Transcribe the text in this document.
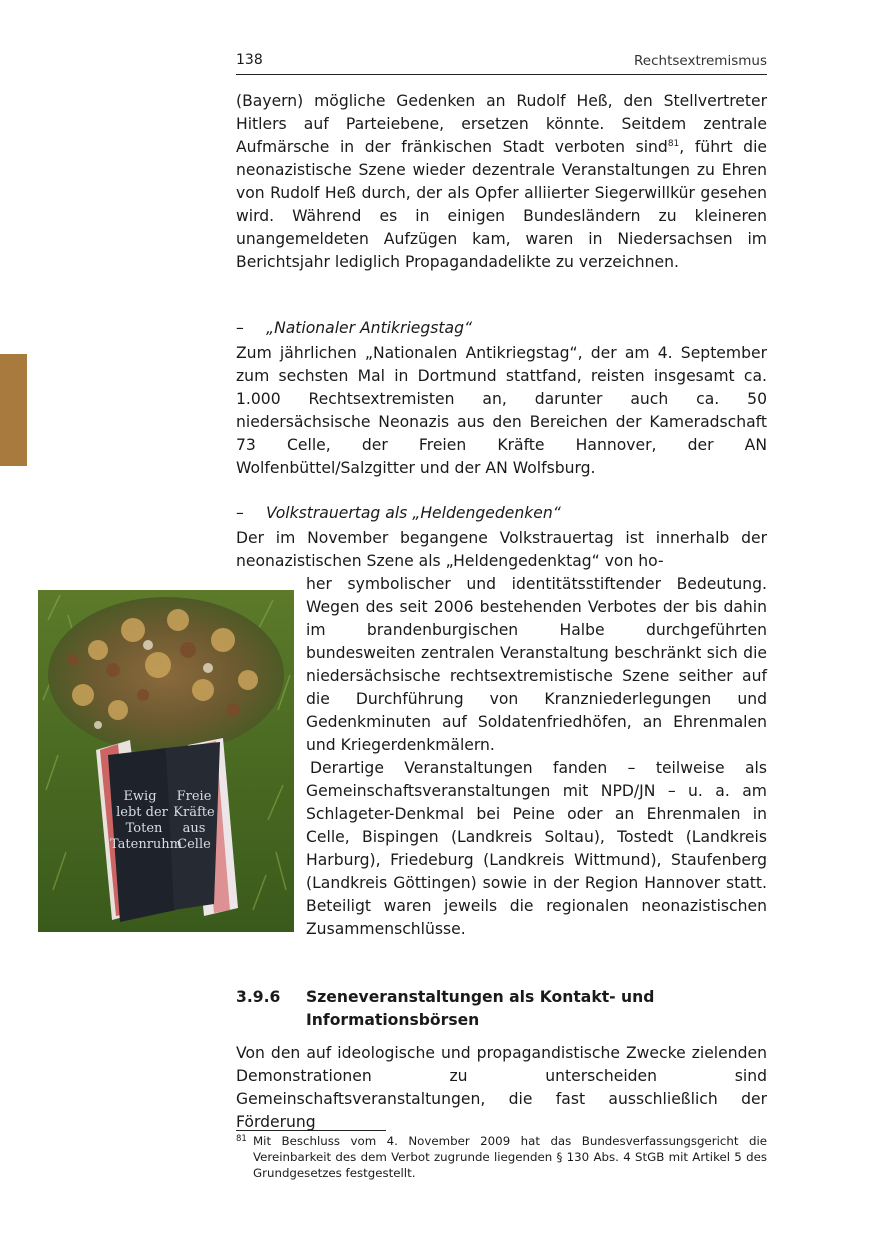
138	Rechtsextremismus

(Bayern) mögliche Gedenken an Rudolf Heß, den Stellvertreter Hitlers auf Parteiebene, ersetzen könnte. Seitdem zentrale Aufmärsche in der fränkischen Stadt verboten sind$^{81}$, führt die neonazistische Szene wieder dezentrale Veranstaltungen zu Ehren von Rudolf Heß durch, der als Opfer alliierter Siegerwillkür gesehen wird. Während es in einigen Bundesländern zu kleineren unangemeldeten Aufzügen kam, waren in Niedersachsen im Berichtsjahr lediglich Propagandadelikte zu verzeichnen.

– „Nationaler Antikriegstag“

Zum jährlichen „Nationalen Antikriegstag“, der am 4. September zum sechsten Mal in Dortmund stattfand, reisten insgesamt ca. 1.000 Rechtsextremisten an, darunter auch ca. 50 niedersächsische Neonazis aus den Bereichen der Kameradschaft 73 Celle, der Freien Kräfte Hannover, der AN Wolfenbüttel/Salzgitter und der AN Wolfsburg.

– Volkstrauertag als „Heldengedenken“

Der im November begangene Volkstrauertag ist innerhalb der neonazistischen Szene als „Heldengedenktag“ von ho-

her symbolischer und identitätsstiftender Bedeutung. Wegen des seit 2006 bestehenden Verbotes der bis dahin im brandenburgischen Halbe durchgeführten bundesweiten zentralen Veranstaltung beschränkt sich die niedersächsische rechtsextremistische Szene seither auf die Durchführung von Kranzniederlegungen und Gedenkminuten auf Soldatenfriedhöfen, an Ehrenmalen und Kriegerdenkmälern.

Derartige Veranstaltungen fanden – teilweise als Gemeinschaftsveranstaltungen mit NPD/JN – u. a. am Schlageter-Denkmal bei Peine oder an Ehrenmalen in Celle, Bispingen (Landkreis Soltau), Tostedt (Landkreis Harburg), Friedeburg (Landkreis Wittmund), Staufenberg (Landkreis Göttingen) sowie in der Region Hannover statt. Beteiligt waren jeweils die regionalen neonazistischen Zusammenschlüsse.

Ewig
lebt der
Toten
Tatenruhm
Freie
Kräfte
aus
Celle
3.9.6 Szeneveranstaltungen als Kontakt- und Informationsbörsen

Von den auf ideologische und propagandistische Zwecke zielenden Demonstrationen zu unterscheiden sind Gemeinschaftsveranstaltungen, die fast ausschließlich der Förderung

81 Mit Beschluss vom 4. November 2009 hat das Bundesverfassungsgericht die Vereinbarkeit des dem Verbot zugrunde liegenden § 130 Abs. 4 StGB mit Artikel 5 des Grundgesetzes festgestellt.
